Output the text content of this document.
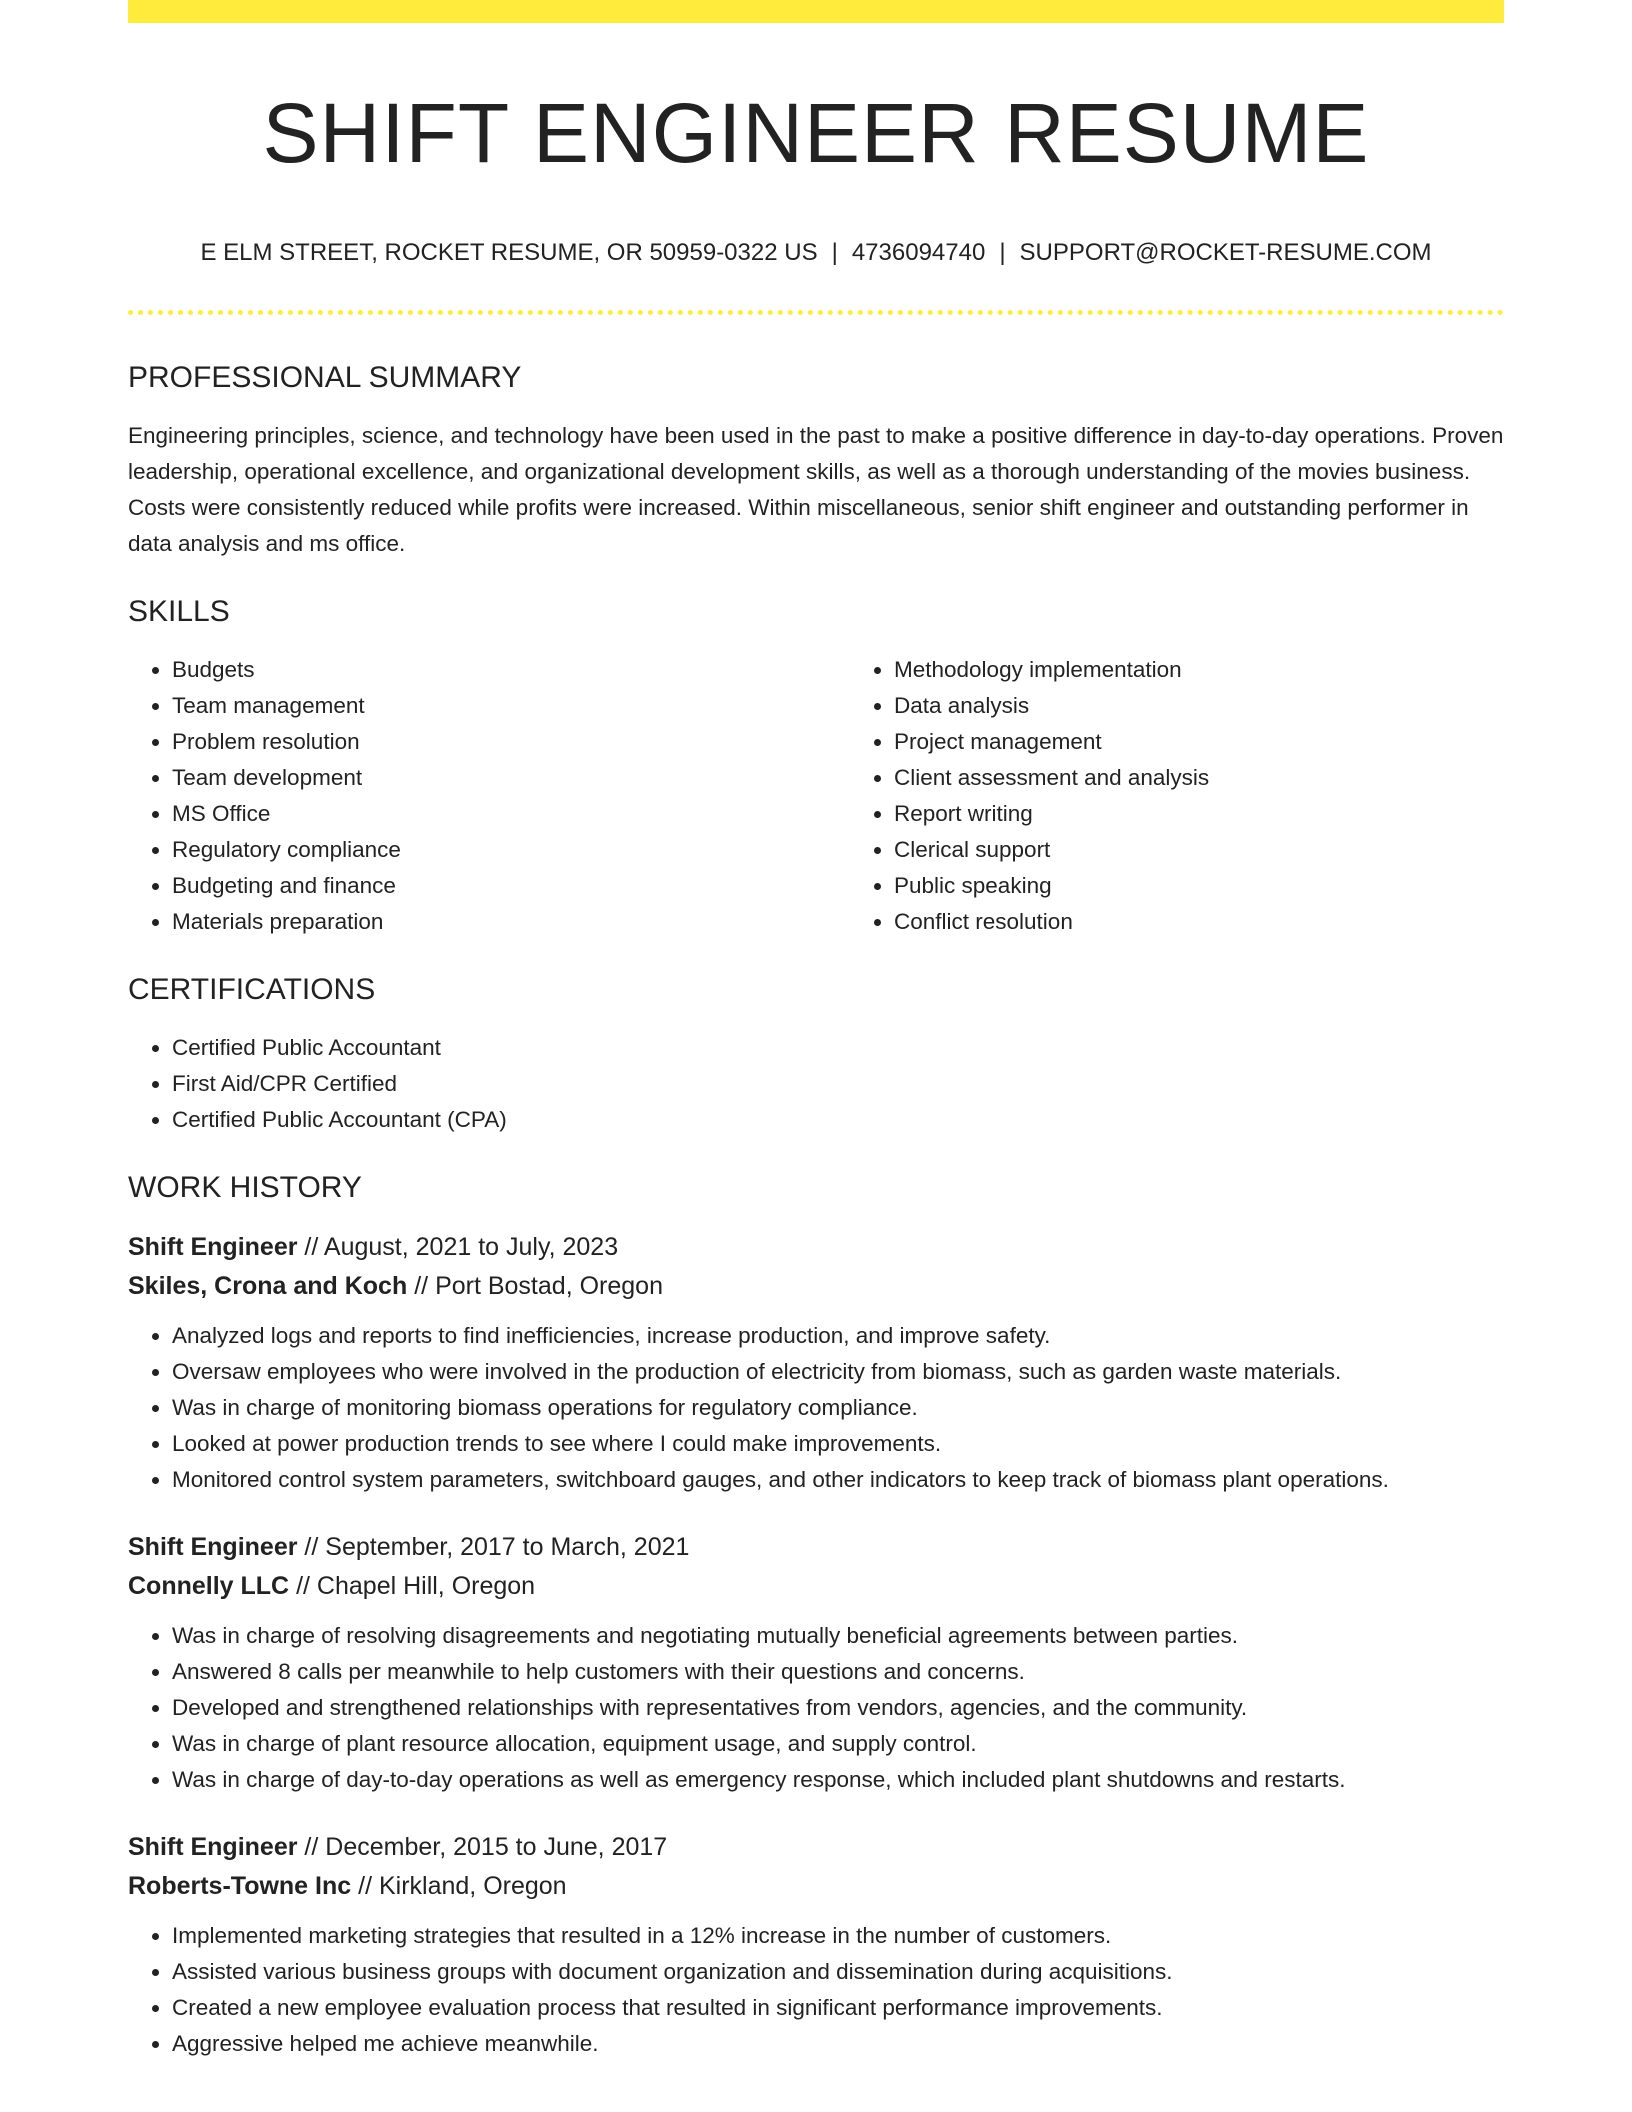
SHIFT ENGINEER RESUME
E ELM STREET, ROCKET RESUME, OR 50959-0322 US | 4736094740 | SUPPORT@ROCKET-RESUME.COM
PROFESSIONAL SUMMARY

Engineering principles, science, and technology have been used in the past to make a positive difference in day-to-day operations. Proven leadership, operational excellence, and organizational development skills, as well as a thorough understanding of the movies business. Costs were consistently reduced while profits were increased. Within miscellaneous, senior shift engineer and outstanding performer in data analysis and ms office.

SKILLS
• Budgets
• Team management
• Problem resolution
• Team development
• MS Office
• Regulatory compliance
• Budgeting and finance
• Materials preparation
• Methodology implementation
• Data analysis
• Project management
• Client assessment and analysis
• Report writing
• Clerical support
• Public speaking
• Conflict resolution
CERTIFICATIONS
• Certified Public Accountant
• First Aid/CPR Certified
• Certified Public Accountant (CPA)
WORK HISTORY
Shift Engineer // August, 2021 to July, 2023
Skiles, Crona and Koch // Port Bostad, Oregon
• Analyzed logs and reports to find inefficiencies, increase production, and improve safety.
• Oversaw employees who were involved in the production of electricity from biomass, such as garden waste materials.
• Was in charge of monitoring biomass operations for regulatory compliance.
• Looked at power production trends to see where I could make improvements.
• Monitored control system parameters, switchboard gauges, and other indicators to keep track of biomass plant operations.
Shift Engineer // September, 2017 to March, 2021
Connelly LLC // Chapel Hill, Oregon
• Was in charge of resolving disagreements and negotiating mutually beneficial agreements between parties.
• Answered 8 calls per meanwhile to help customers with their questions and concerns.
• Developed and strengthened relationships with representatives from vendors, agencies, and the community.
• Was in charge of plant resource allocation, equipment usage, and supply control.
• Was in charge of day-to-day operations as well as emergency response, which included plant shutdowns and restarts.
Shift Engineer // December, 2015 to June, 2017
Roberts-Towne Inc // Kirkland, Oregon
• Implemented marketing strategies that resulted in a 12% increase in the number of customers.
• Assisted various business groups with document organization and dissemination during acquisitions.
• Created a new employee evaluation process that resulted in significant performance improvements.
• Aggressive helped me achieve meanwhile.
